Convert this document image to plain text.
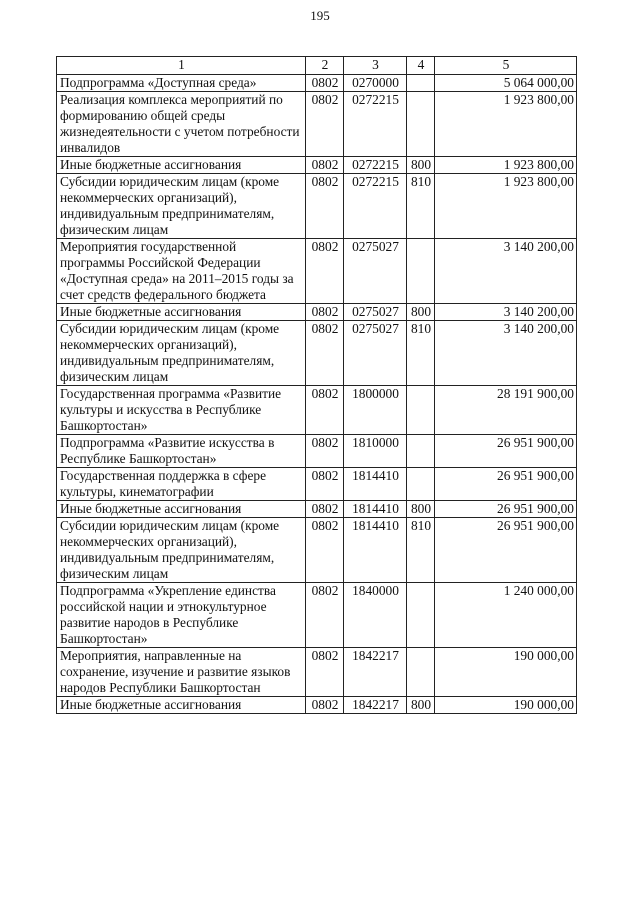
195
1	2	3	4	5
Подпрограмма «Доступная среда»	0802	0270000		5 064 000,00
Реализация комплекса мероприятий по формированию общей среды жизнедеятельности с учетом потребности инвалидов	0802	0272215		1 923 800,00
Иные бюджетные ассигнования	0802	0272215	800	1 923 800,00
Субсидии юридическим лицам (кроме некоммерческих организаций), индивидуальным предпринимателям, физическим лицам	0802	0272215	810	1 923 800,00
Мероприятия государственной программы Российской Федерации «Доступная среда» на 2011–2015 годы за счет средств федерального бюджета	0802	0275027		3 140 200,00
Иные бюджетные ассигнования	0802	0275027	800	3 140 200,00
Субсидии юридическим лицам (кроме некоммерческих организаций), индивидуальным предпринимателям, физическим лицам	0802	0275027	810	3 140 200,00
Государственная программа «Развитие культуры и искусства в Республике Башкортостан»	0802	1800000		28 191 900,00
Подпрограмма «Развитие искусства в Республике Башкортостан»	0802	1810000		26 951 900,00
Государственная поддержка в сфере культуры, кинематографии	0802	1814410		26 951 900,00
Иные бюджетные ассигнования	0802	1814410	800	26 951 900,00
Субсидии юридическим лицам (кроме некоммерческих организаций), индивидуальным предпринимателям, физическим лицам	0802	1814410	810	26 951 900,00
Подпрограмма «Укрепление единства российской нации и этнокультурное развитие народов в Республике Башкортостан»	0802	1840000		1 240 000,00
Мероприятия, направленные на сохранение, изучение и развитие языков народов Республики Башкортостан	0802	1842217		190 000,00
Иные бюджетные ассигнования	0802	1842217	800	190 000,00
